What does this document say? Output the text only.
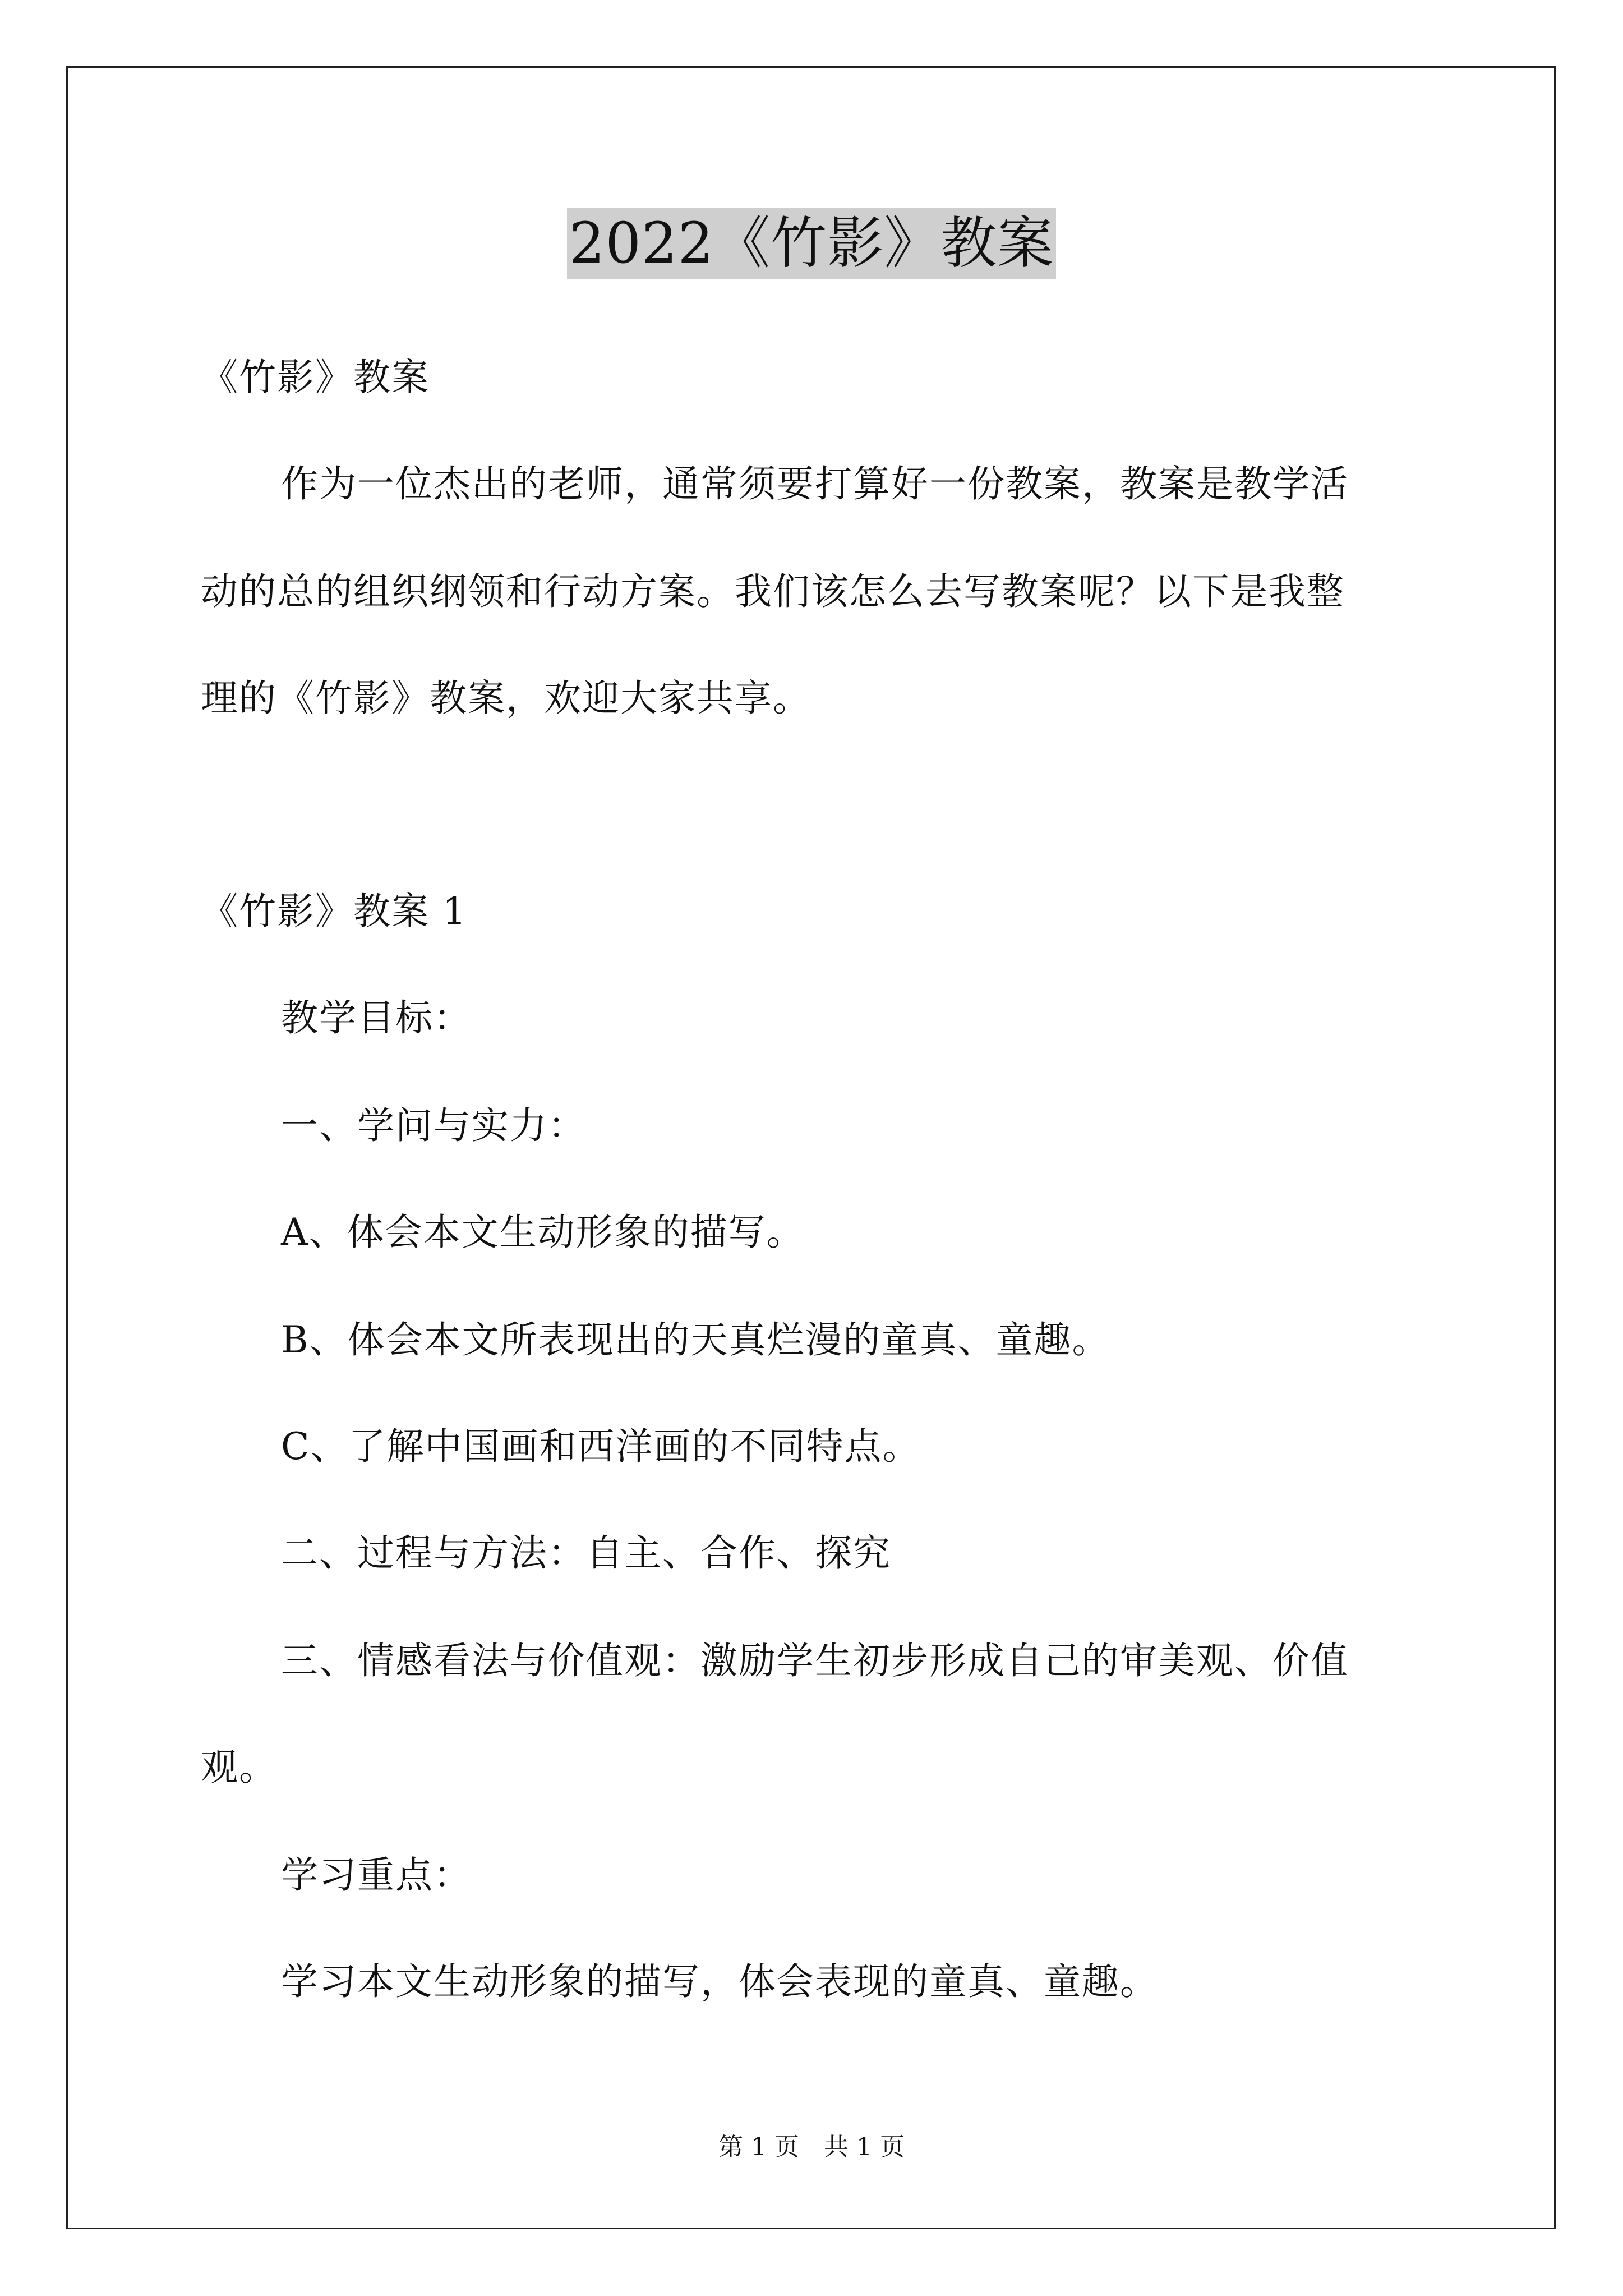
2022《竹影》教案
《竹影》教案
作为一位杰出的老师，通常须要打算好一份教案，教案是教学活
动的总的组织纲领和行动方案。我们该怎么去写教案呢？以下是我整
理的《竹影》教案，欢迎大家共享。
《竹影》教案 1
教学目标：
一、学问与实力：
A、体会本文生动形象的描写。
B、体会本文所表现出的天真烂漫的童真、童趣。
C、了解中国画和西洋画的不同特点。
二、过程与方法：自主、合作、探究
三、情感看法与价值观：激励学生初步形成自己的审美观、价值
观。
学习重点：
学习本文生动形象的描写，体会表现的童真、童趣。
第 1 页 共 1 页
